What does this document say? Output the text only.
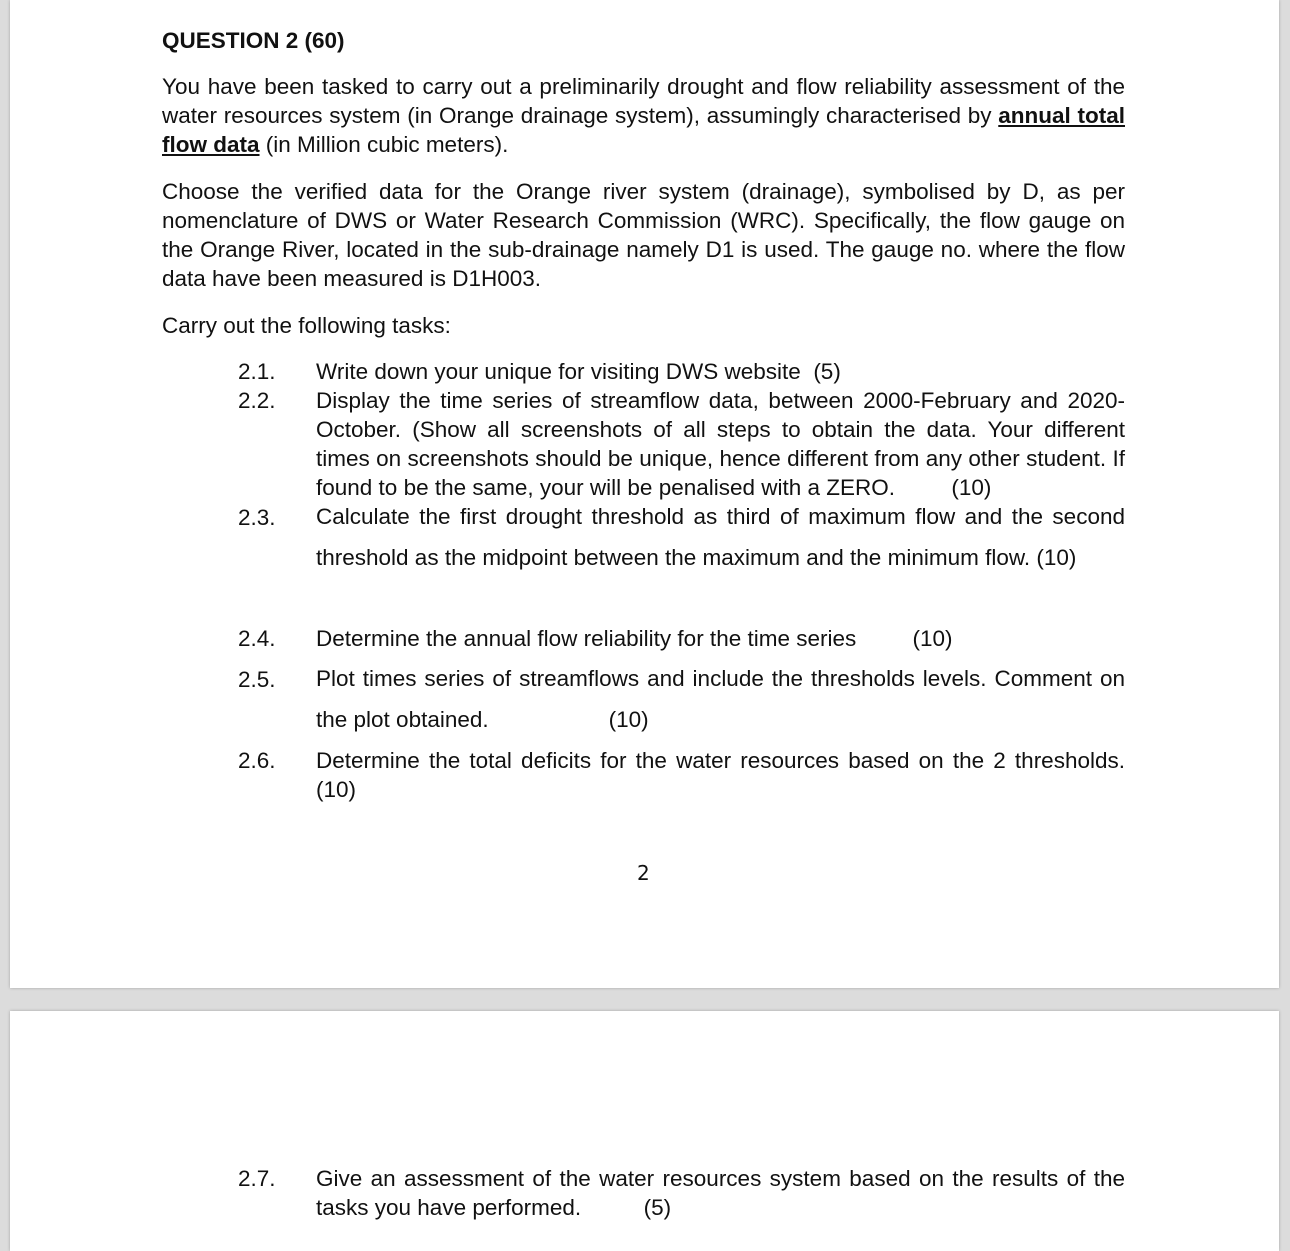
QUESTION 2 (60)

You have been tasked to carry out a preliminarily drought and flow reliability assessment of the water resources system (in Orange drainage system), assumingly characterised by annual total flow data (in Million cubic meters).

Choose the verified data for the Orange river system (drainage), symbolised by D, as per nomenclature of DWS or Water Research Commission (WRC). Specifically, the flow gauge on the Orange River, located in the sub-drainage namely D1 is used. The gauge no. where the flow data have been measured is D1H003.

Carry out the following tasks:

2.1.	Write down your unique for visiting DWS website (5)
2.2.	Display the time series of streamflow data, between 2000-February and 2020-October. (Show all screenshots of all steps to obtain the data. Your different times on screenshots should be unique, hence different from any other student. If found to be the same, your will be penalised with a ZERO.	(10)
2.3.	Calculate the first drought threshold as third of maximum flow and the second threshold as the midpoint between the maximum and the minimum flow. (10)
2.4.	Determine the annual flow reliability for the time series	(10)
2.5.	Plot times series of streamflows and include the thresholds levels. Comment on the plot obtained.	(10)
2.6.	Determine the total deficits for the water resources based on the 2 thresholds. (10)
2
2.7.	Give an assessment of the water resources system based on the results of the tasks you have performed.	(5)
